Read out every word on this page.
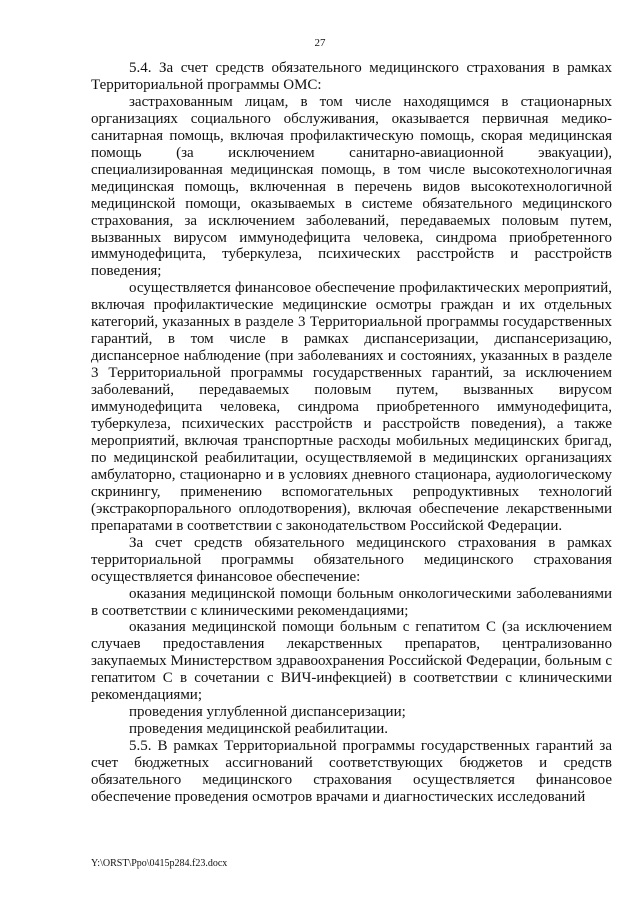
27

5.4. За счет средств обязательного медицинского страхования в рамках Территориальной программы ОМС:

застрахованным лицам, в том числе находящимся в стационарных организациях социального обслуживания, оказывается первичная медико-санитарная помощь, включая профилактическую помощь, скорая медицинская помощь (за исключением санитарно-авиационной эвакуации), специализированная медицинская помощь, в том числе высокотехнологичная медицинская помощь, включенная в перечень видов высокотехнологичной медицинской помощи, оказываемых в системе обязательного медицинского страхования, за исключением заболеваний, передаваемых половым путем, вызванных вирусом иммунодефицита человека, синдрома приобретенного иммунодефицита, туберкулеза, психических расстройств и расстройств поведения;

осуществляется финансовое обеспечение профилактических мероприятий, включая профилактические медицинские осмотры граждан и их отдельных категорий, указанных в разделе 3 Территориальной программы государственных гарантий, в том числе в рамках диспансеризации, диспансеризацию, диспансерное наблюдение (при заболеваниях и состояниях, указанных в разделе 3 Территориальной программы государственных гарантий, за исключением заболеваний, передаваемых половым путем, вызванных вирусом иммунодефицита человека, синдрома приобретенного иммунодефицита, туберкулеза, психических расстройств и расстройств поведения), а также мероприятий, включая транспортные расходы мобильных медицинских бригад, по медицинской реабилитации, осуществляемой в медицинских организациях амбулаторно, стационарно и в условиях дневного стационара, аудиологическому скринингу, применению вспомогательных репродуктивных технологий (экстракорпорального оплодотворения), включая обеспечение лекарственными препаратами в соответствии с законодательством Российской Федерации.

За счет средств обязательного медицинского страхования в рамках территориальной программы обязательного медицинского страхования осуществляется финансовое обеспечение:

оказания медицинской помощи больным онкологическими заболеваниями в соответствии с клиническими рекомендациями;

оказания медицинской помощи больным с гепатитом С (за исключением случаев предоставления лекарственных препаратов, централизованно закупаемых Министерством здравоохранения Российской Федерации, больным с гепатитом С в сочетании с ВИЧ-инфекцией) в соответствии с клиническими рекомендациями;

проведения углубленной диспансеризации;

проведения медицинской реабилитации.

5.5. В рамках Территориальной программы государственных гарантий за счет бюджетных ассигнований соответствующих бюджетов и средств обязательного медицинского страхования осуществляется финансовое обеспечение проведения осмотров врачами и диагностических исследований

Y:\ORST\Ppo\0415p284.f23.docx
